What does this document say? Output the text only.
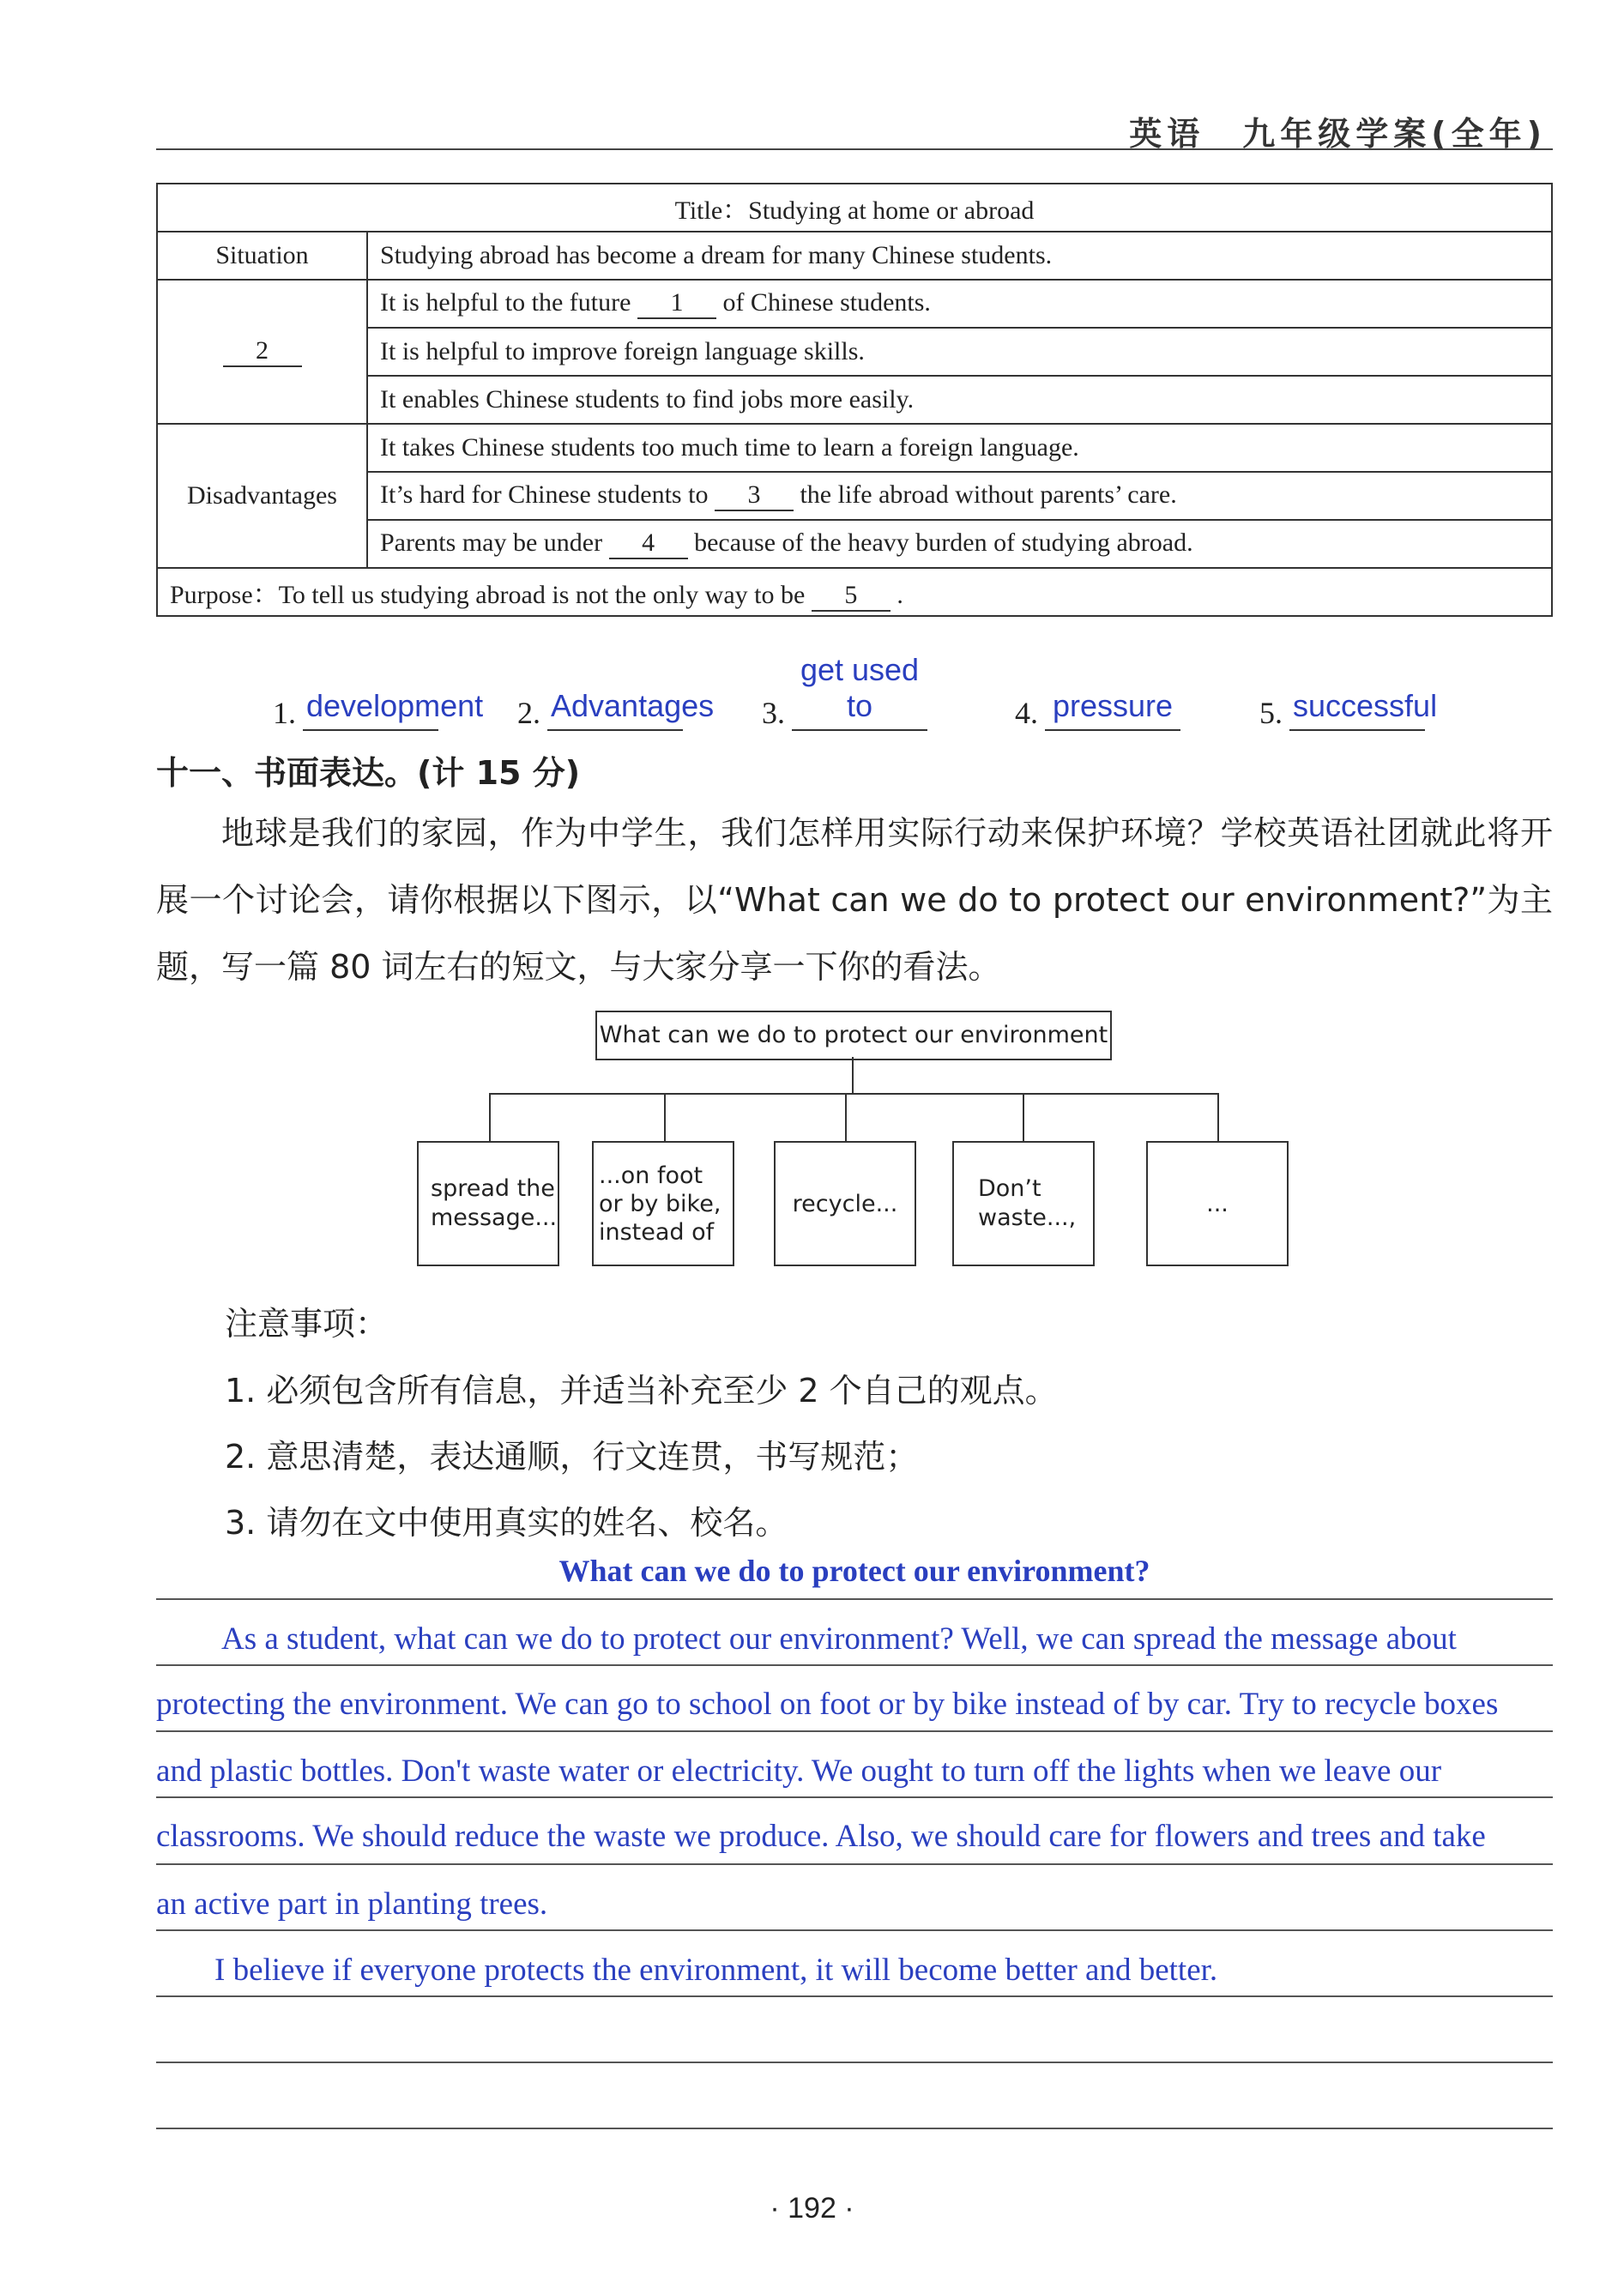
英语　九年级学案(全年)
Title：Studying at home or abroad	
Situation	Studying abroad has become a dream for many Chinese students.
2	It is helpful to the future 1 of Chinese students.
	It is helpful to improve foreign language skills.
	It enables Chinese students to find jobs more easily.
Disadvantages	It takes Chinese students too much time to learn a foreign language.
	It’s hard for Chinese students to 3 the life abroad without parents’ care.
	Parents may be under 4 because of the heavy burden of studying abroad.
Purpose：To tell us studying abroad is not the only way to be 5 .	
1. development 2. Advantages 3.
get used to	4. pressure	5. successful
十一、书面表达。(计 15 分)
地球是我们的家园，作为中学生，我们怎样用实际行动来保护环境？学校英语社团就此将开展一个讨论会，请你根据以下图示，以“What can we do to protect our environment?”为主题，写一篇 80 词左右的短文，与大家分享一下你的看法。
What can we do to protect our environment
spread the message...
...on foot or by bike, instead of
recycle...
Don’t waste...,
...
注意事项：
1. 必须包含所有信息，并适当补充至少 2 个自己的观点。
2. 意思清楚，表达通顺，行文连贯，书写规范；
3. 请勿在文中使用真实的姓名、校名。
What can we do to protect our environment?
As a student, what can we do to protect our environment? Well, we can spread the message about
protecting the environment. We can go to school on foot or by bike instead of by car. Try to recycle boxes
and plastic bottles. Don't waste water or electricity. We ought to turn off the lights when we leave our
classrooms. We should reduce the waste we produce. Also, we should care for flowers and trees and take
an active part in planting trees.
I believe if everyone protects the environment, it will become better and better.
· 192 ·
